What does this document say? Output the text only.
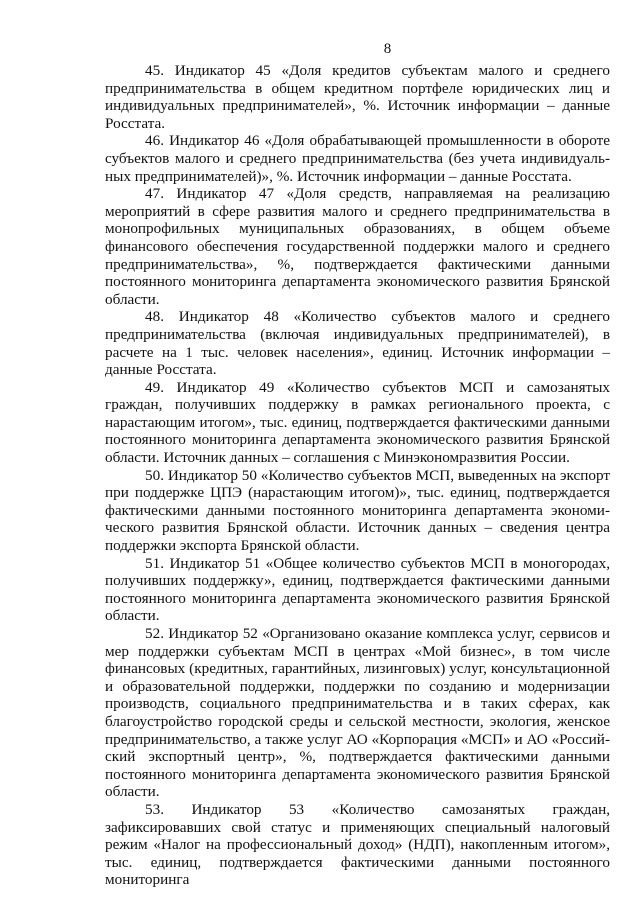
8

45. Индикатор 45 «Доля кредитов субъектам малого и среднего предпринимательства в общем кредитном портфеле юридических лиц и индивидуальных предпринимателей», %. Источник информации – данные Росстата.

46. Индикатор 46 «Доля обрабатывающей промышленности в обороте субъектов малого и среднего предпринимательства (без учета индивидуальных предпринимателей)», %. Источник информации – данные Росстата.

47. Индикатор 47 «Доля средств, направляемая на реализацию мероприятий в сфере развития малого и среднего предпринимательства в монопрофильных муниципальных образованиях, в общем объеме финансового обеспечения государственной поддержки малого и среднего предпринимательства», %, подтверждается фактическими данными постоянного мониторинга департамента экономического развития Брянской области.

48. Индикатор 48 «Количество субъектов малого и среднего предпринимательства (включая индивидуальных предпринимателей), в расчете на 1 тыс. человек населения», единиц. Источник информации – данные Росстата.

49. Индикатор 49 «Количество субъектов МСП и самозанятых граждан, получивших поддержку в рамках регионального проекта, с нарастающим итогом», тыс. единиц, подтверждается фактическими данными постоянного мониторинга департамента экономического развития Брянской области. Источник данных – соглашения с Минэкономразвития России.

50. Индикатор 50 «Количество субъектов МСП, выведенных на экспорт при поддержке ЦПЭ (нарастающим итогом)», тыс. единиц, подтверждается фактическими данными постоянного мониторинга департамента экономического развития Брянской области. Источник данных – сведения центра поддержки экспорта Брянской области.

51. Индикатор 51 «Общее количество субъектов МСП в моногородах, получивших поддержку», единиц, подтверждается фактическими данными постоянного мониторинга департамента экономического развития Брянской области.

52. Индикатор 52 «Организовано оказание комплекса услуг, сервисов и мер поддержки субъектам МСП в центрах «Мой бизнес», в том числе финансовых (кредитных, гарантийных, лизинговых) услуг, консультационной и образовательной поддержки, поддержки по созданию и модернизации производств, социального предпринимательства и в таких сферах, как благоустройство городской среды и сельской местности, экология, женское предпринимательство, а также услуг АО «Корпорация «МСП» и АО «Российский экспортный центр», %, подтверждается фактическими данными постоянного мониторинга департамента экономического развития Брянской области.

53. Индикатор 53 «Количество самозанятых граждан, зафиксировавших свой статус и применяющих специальный налоговый режим «Налог на профессиональный доход» (НДП), накопленным итогом», тыс. единиц, подтверждается фактическими данными постоянного мониторинга
